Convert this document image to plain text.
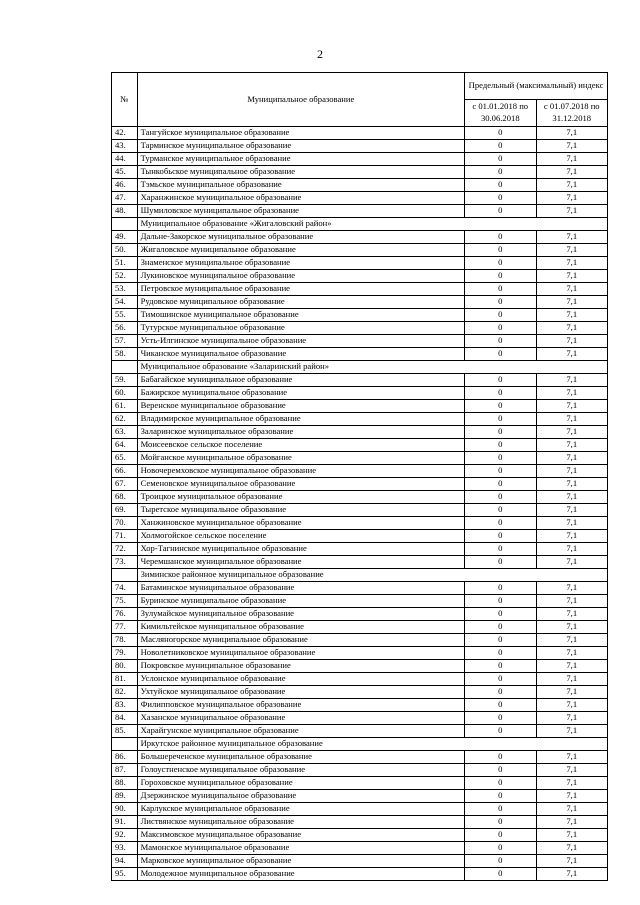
2
№	Муниципальное образование	Предельный (максимальный) индекс	
		с 01.01.2018 по 30.06.2018	с 01.07.2018 по 31.12.2018
42.	Тангуйское муниципальное образование	0	7,1
43.	Тарминское муниципальное образование	0	7,1
44.	Турманское муниципальное образование	0	7,1
45.	Тынкобьское муниципальное образование	0	7,1
46.	Тэмьское муниципальное образование	0	7,1
47.	Харанжинское муниципальное образование	0	7,1
48.	Шумиловское муниципальное образование	0	7,1
	Муниципальное образование «Жигаловский район»		
49.	Дальне-Закорское муниципальное образование	0	7,1
50.	Жигаловское муниципальное образование	0	7,1
51.	Знаменское муниципальное образование	0	7,1
52.	Лукиновское муниципальное образование	0	7,1
53.	Петровское муниципальное образование	0	7,1
54.	Рудовское муниципальное образование	0	7,1
55.	Тимошинское муниципальное образование	0	7,1
56.	Тутурское муниципальное образование	0	7,1
57.	Усть-Илгинское муниципальное образование	0	7,1
58.	Чиканское муниципальное образование	0	7,1
	Муниципальное образование «Заларинский район»		
59.	Бабагайское муниципальное образование	0	7,1
60.	Бажирское муниципальное образование	0	7,1
61.	Веренское муниципальное образование	0	7,1
62.	Владимирское муниципальное образование	0	7,1
63.	Заларинское муниципальное образование	0	7,1
64.	Моисеевское сельское поселение	0	7,1
65.	Мойганское муниципальное образование	0	7,1
66.	Новочеремховское муниципальное образование	0	7,1
67.	Семеновское муниципальное образование	0	7,1
68.	Троицкое муниципальное образование	0	7,1
69.	Тыретское муниципальное образование	0	7,1
70.	Ханжиновское муниципальное образование	0	7,1
71.	Холмогойское сельское поселение	0	7,1
72.	Хор-Тагнинское муниципальное образование	0	7,1
73.	Черемшанское муниципальное образование	0	7,1
	Зиминское районное муниципальное образование		
74.	Батаминское муниципальное образование	0	7,1
75.	Буринское муниципальное образование	0	7,1
76.	Зулумайское муниципальное образование	0	7,1
77.	Кимильтейское муниципальное образование	0	7,1
78.	Масляногорское муниципальное образование	0	7,1
79.	Новолетниковское муниципальное образование	0	7,1
80.	Покровское муниципальное образование	0	7,1
81.	Услонское муниципальное образование	0	7,1
82.	Ухтуйское муниципальное образование	0	7,1
83.	Филипповское муниципальное образование	0	7,1
84.	Хазанское муниципальное образование	0	7,1
85.	Харайгунское муниципальное образование	0	7,1
	Иркутское районное муниципальное образование		
86.	Большереченское муниципальное образование	0	7,1
87.	Голоустненское муниципальное образование	0	7,1
88.	Гороховское муниципальное образование	0	7,1
89.	Дзержинское муниципальное образование	0	7,1
90.	Карлукское муниципальное образование	0	7,1
91.	Листвянское муниципальное образование	0	7,1
92.	Максимовское муниципальное образование	0	7,1
93.	Мамонское муниципальное образование	0	7,1
94.	Марковское муниципальное образование	0	7,1
95.	Молодежное муниципальное образование	0	7,1
